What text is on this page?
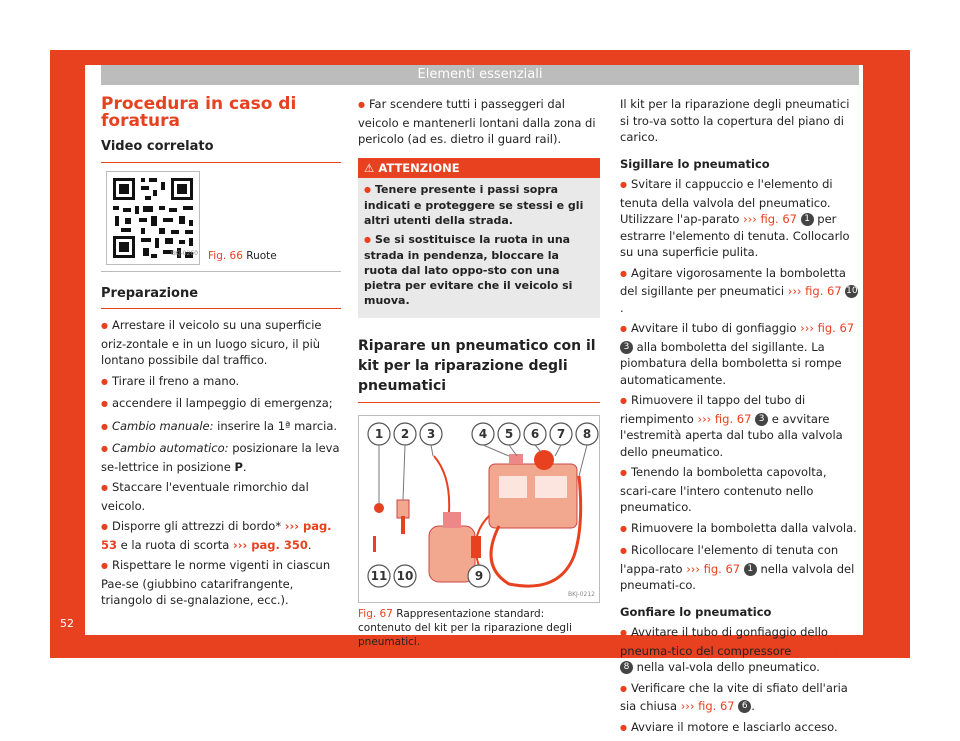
Elementi essenziali
52
Procedura in caso di foratura
Video correlato
BKJ-0260 Fig. 66 Ruote
Preparazione

● Arrestare il veicolo su una superficie oriz-zontale e in un luogo sicuro, il più lontano possibile dal traffico.

● Tirare il freno a mano.

● accendere il lampeggio di emergenza;

● Cambio manuale: inserire la 1ª marcia.

● Cambio automatico: posizionare la leva se-lettrice in posizione P.

● Staccare l'eventuale rimorchio dal veicolo.

● Disporre gli attrezzi di bordo* ››› pag. 53 e la ruota di scorta ››› pag. 350.

● Rispettare le norme vigenti in ciascun Pae-se (giubbino catarifrangente, triangolo di se-gnalazione, ecc.).

● Far scendere tutti i passeggeri dal veicolo e mantenerli lontani dalla zona di pericolo (ad es. dietro il guard rail).

⚠ ATTENZIONE

● Tenere presente i passi sopra indicati e proteggere se stessi e gli altri utenti della strada.

● Se si sostituisce la ruota in una strada in pendenza, bloccare la ruota dal lato oppo-sto con una pietra per evitare che il veicolo si muova.

Riparare un pneumatico con il kit per la riparazione degli pneumatici
1 2 3	4 5 6 7 8
9
10
11
BKJ-0212
Fig. 67 Rappresentazione standard: contenuto del kit per la riparazione degli pneumatici.

Il kit per la riparazione degli pneumatici si tro-va sotto la copertura del piano di carico.

Sigillare lo pneumatico

● Svitare il cappuccio e l'elemento di tenuta della valvola del pneumatico. Utilizzare l'ap-parato ››› fig. 67 1 per estrarre l'elemento di tenuta. Collocarlo su una superficie pulita.

● Agitare vigorosamente la bomboletta del sigillante per pneumatici ››› fig. 67 10.

● Avvitare il tubo di gonfiaggio ››› fig. 67 3 alla bomboletta del sigillante. La piombatura della bomboletta si rompe automaticamente.

● Rimuovere il tappo del tubo di riempimento ››› fig. 67 3 e avvitare l'estremità aperta dal tubo alla valvola dello pneumatico.

● Tenendo la bomboletta capovolta, scari-care l'intero contenuto nello pneumatico.

● Rimuovere la bomboletta dalla valvola.

● Ricollocare l'elemento di tenuta con l'appa-rato ››› fig. 67 1 nella valvola del pneumati-co.

Gonfiare lo pneumatico

● Avvitare il tubo di gonfiaggio dello pneuma-tico del compressore ››› fig. 67 8 nella val-vola dello pneumatico.

● Verificare che la vite di sfiato dell'aria sia chiusa ››› fig. 67 6 .

● Avviare il motore e lasciarlo acceso.
